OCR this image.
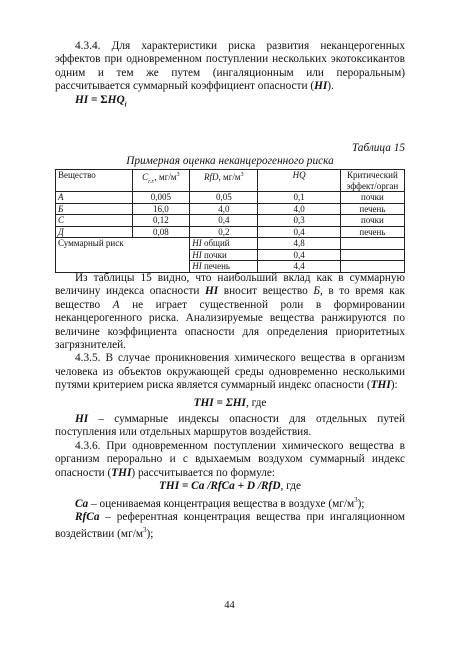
4.3.4. Для характеристики риска развития неканцерогенных эффектов при одновременном поступлении нескольких экотоксикантов одним и тем же путем (ингаляционным или пероральным) рассчитывается суммарный коэффициент опасности (HI).

HI = $\Sigma HQ_i$

Таблица 15

Примерная оценка неканцерогенного риска

Вещество	$C_{r.r.}$, $мг/м^3$	RfD, $мг/м^3$	HQ	Критический эффект/орган
А	0,005	0,05	0,1	почки
Б	16,0	4,0	4,0	печень
С	0,12	0,4	0,3	почки
Д	0,08	0,2	0,4	печень
Суммарный риск		HI общий	4,8	
		HI почки	0,4	
		HI печень	4,4	

Из таблицы 15 видно, что наибольший вклад как в суммарную величину индекса опасности HI вносит вещество Б, в то время как вещество А не играет существенной роли в формировании неканцерогенного риска. Анализируемые вещества ранжируются по величине коэффициента опасности для определения приоритетных загрязнителей.

4.3.5. В случае проникновения химического вещества в организм человека из объектов окружающей среды одновременно несколькими путями критерием риска является суммарный индекс опасности (THI):

THI = ΣHI, где

HI – суммарные индексы опасности для отдельных путей поступления или отдельных маршрутов воздействия.

4.3.6. При одновременном поступлении химического вещества в организм перорально и с вдыхаемым воздухом суммарный индекс опасности (THI) рассчитывается по формуле:

THI = Ca /RfCa + D /RfD, где

Ca – оцениваемая концентрация вещества в воздухе $(мг/м^3)$;

RfCa – референтная концентрация вещества при ингаляционном воздействии $(мг/м^3)$;

44
